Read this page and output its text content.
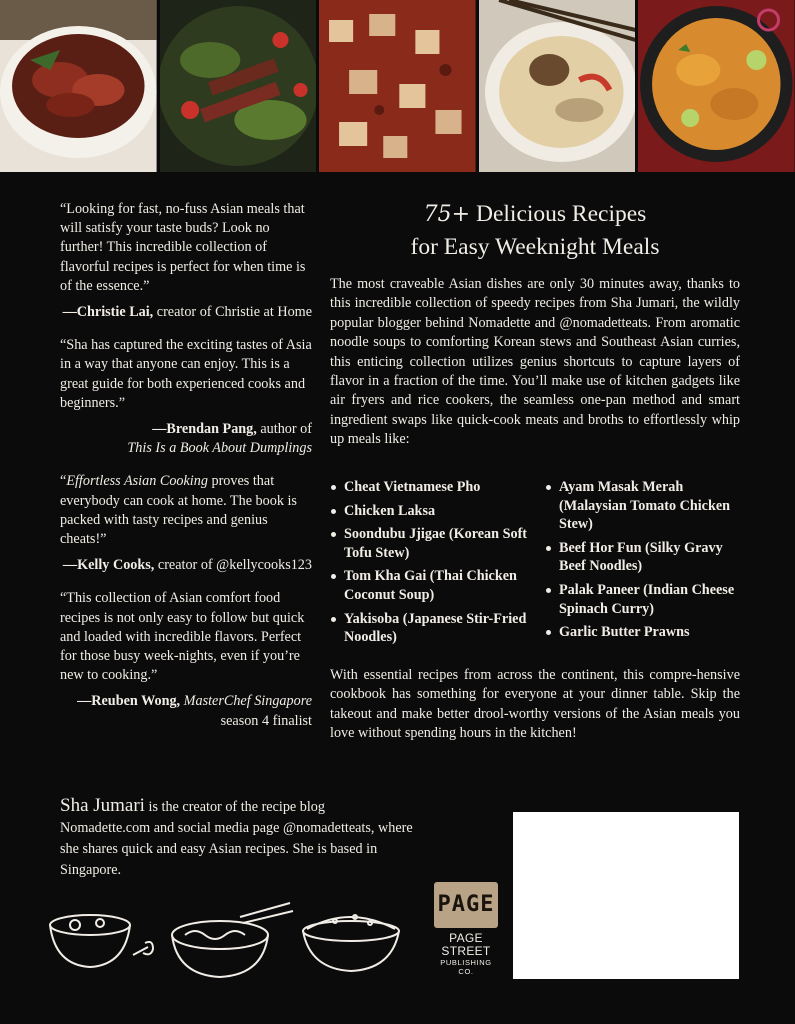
“Looking for fast, no-fuss Asian meals that will satisfy your taste buds? Look no further! This incredible collection of flavorful recipes is perfect for when time is of the essence.”

—Christie Lai, creator of Christie at Home

“Sha has captured the exciting tastes of Asia in a way that anyone can enjoy. This is a great guide for both experienced cooks and beginners.”

—Brendan Pang, author of
This Is a Book About Dumplings

“Effortless Asian Cooking proves that everybody can cook at home. The book is packed with tasty recipes and genius cheats!”

—Kelly Cooks, creator of @kellycooks123

“This collection of Asian comfort food recipes is not only easy to follow but quick and loaded with incredible flavors. Perfect for those busy week-nights, even if you’re new to cooking.”

—Reuben Wong, MasterChef Singapore season 4 finalist
75+ Delicious Recipes
for Easy Weeknight Meals

The most craveable Asian dishes are only 30 minutes away, thanks to this incredible collection of speedy recipes from Sha Jumari, the wildly popular blogger behind Nomadette and @nomadetteats. From aromatic noodle soups to comforting Korean stews and Southeast Asian curries, this enticing collection utilizes genius shortcuts to capture layers of flavor in a fraction of the time. You’ll make use of kitchen gadgets like air fryers and rice cookers, the seamless one-pan method and smart ingredient swaps like quick-cook meats and broths to effortlessly whip up meals like:

Cheat Vietnamese Pho
Chicken Laksa
Soondubu Jjigae (Korean Soft Tofu Stew)
Tom Kha Gai (Thai Chicken Coconut Soup)
Yakisoba (Japanese Stir-Fried Noodles)
Ayam Masak Merah (Malaysian Tomato Chicken Stew)
Beef Hor Fun (Silky Gravy Beef Noodles)
Palak Paneer (Indian Cheese Spinach Curry)
Garlic Butter Prawns

With essential recipes from across the continent, this compre-hensive cookbook has something for everyone at your dinner table. Skip the takeout and make better drool-worthy versions of the Asian meals you love without spending hours in the kitchen!

Sha Jumari is the creator of the recipe blog Nomadette.com and social media page @nomadetteats, where she shares quick and easy Asian recipes. She is based in Singapore.

PAGE
PAGE STREET
PUBLISHING CO.
